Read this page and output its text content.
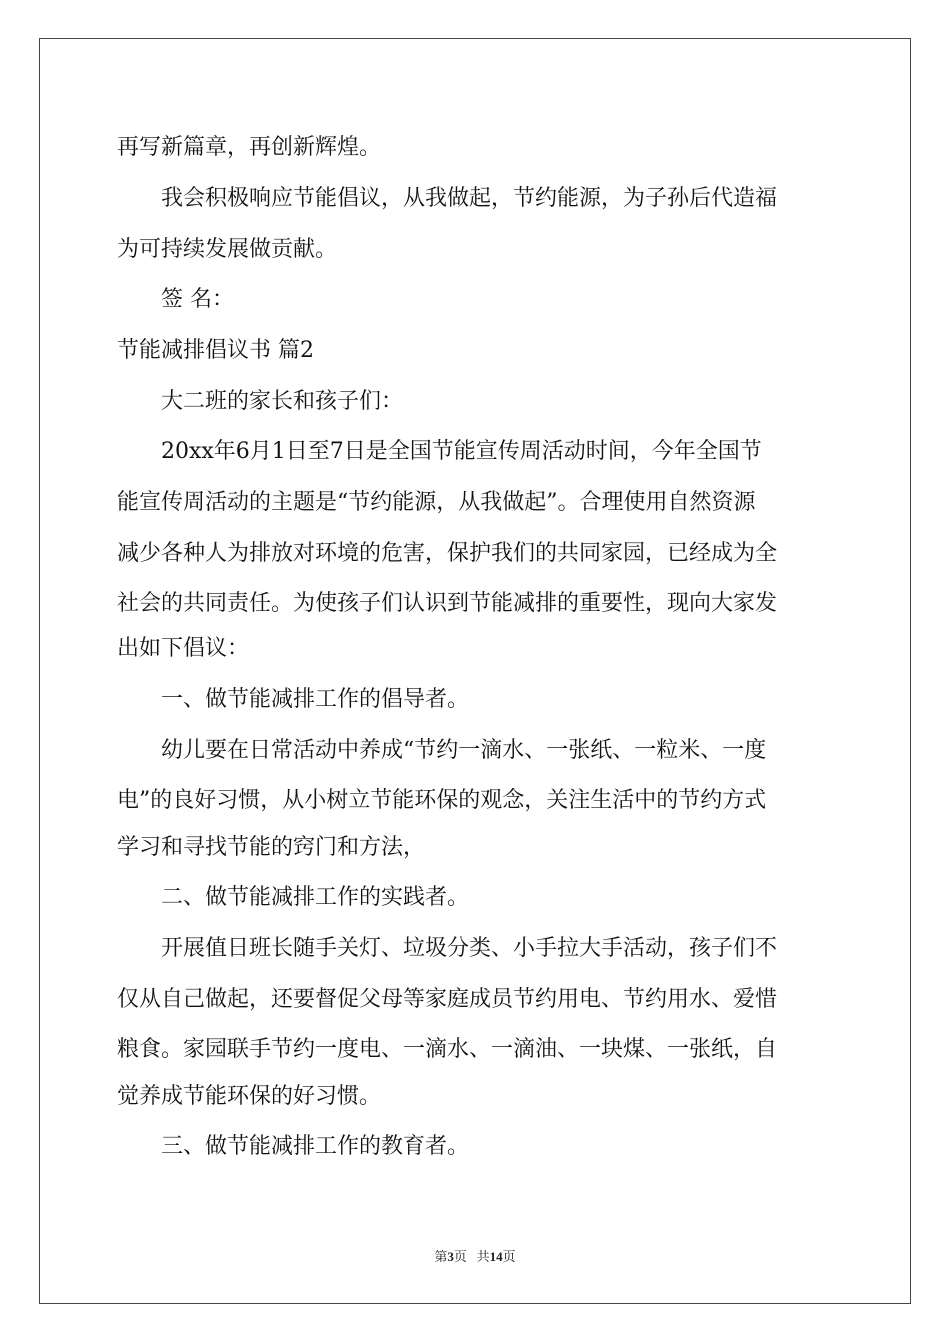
再写新篇章，再创新辉煌。
我会积极响应节能倡议，从我做起，节约能源，为子孙后代造福
为可持续发展做贡献。
签 名：
节能减排倡议书 篇2
大二班的家长和孩子们：
20xx年6月1日至7日是全国节能宣传周活动时间，今年全国节
能宣传周活动的主题是“节约能源，从我做起”。合理使用自然资源
减少各种人为排放对环境的危害，保护我们的共同家园，已经成为全
社会的共同责任。为使孩子们认识到节能减排的重要性，现向大家发
出如下倡议：
一、做节能减排工作的倡导者。
幼儿要在日常活动中养成“节约一滴水、一张纸、一粒米、一度
电”的良好习惯，从小树立节能环保的观念，关注生活中的节约方式
学习和寻找节能的窍门和方法，
二、做节能减排工作的实践者。
开展值日班长随手关灯、垃圾分类、小手拉大手活动，孩子们不
仅从自己做起，还要督促父母等家庭成员节约用电、节约用水、爱惜
粮食。家园联手节约一度电、一滴水、一滴油、一块煤、一张纸，自
觉养成节能环保的好习惯。
三、做节能减排工作的教育者。
第3页 共14页
